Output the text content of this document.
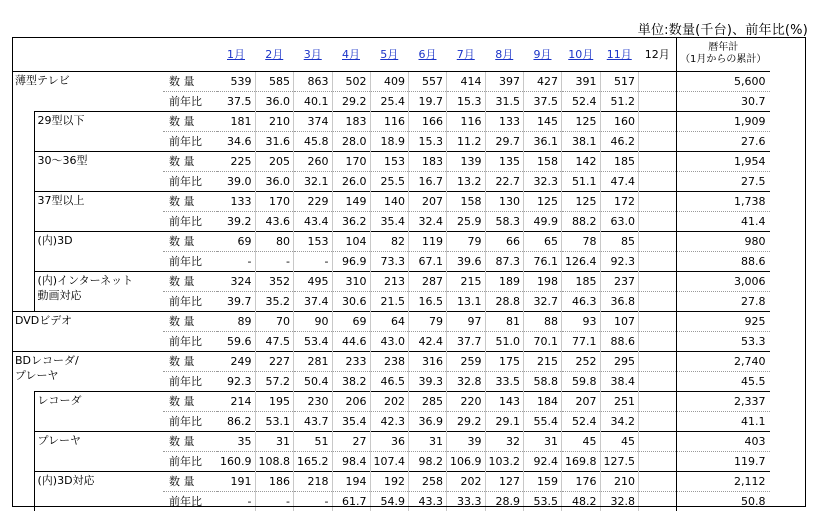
単位:数量(千台)、前年比(%)
			1月	2月	3月	4月	5月	6月	7月	8月	9月	10月	11月	12月	暦年計
（1月からの累計）

薄型テレビ		数 量	539	585	863	502	409	557	414	397	427	391	517		5,600
		前年比	37.5	36.0	40.1	29.2	25.4	19.7	15.3	31.5	37.5	52.4	51.2		30.7

	29型以下	数 量	181	210	374	183	116	166	116	133	145	125	160		1,909
		前年比	34.6	31.6	45.8	28.0	18.9	15.3	11.2	29.7	36.1	38.1	46.2		27.6

	30～36型	数 量	225	205	260	170	153	183	139	135	158	142	185		1,954
		前年比	39.0	36.0	32.1	26.0	25.5	16.7	13.2	22.7	32.3	51.1	47.4		27.5

	37型以上	数 量	133	170	229	149	140	207	158	130	125	125	172		1,738
		前年比	39.2	43.6	43.4	36.2	35.4	32.4	25.9	58.3	49.9	88.2	63.0		41.4

	(内)3D	数 量	69	80	153	104	82	119	79	66	65	78	85		980
		前年比	-	-	-	96.9	73.3	67.1	39.6	87.3	76.1	126.4	92.3		88.6

	(内)インターネット
動画対応	数 量	324	352	495	310	213	287	215	189	198	185	237		3,006
		前年比	39.7	35.2	37.4	30.6	21.5	16.5	13.1	28.8	32.7	46.3	36.8		27.8

DVDビデオ		数 量	89	70	90	69	64	79	97	81	88	93	107		925
		前年比	59.6	47.5	53.4	44.6	43.0	42.4	37.7	51.0	70.1	77.1	88.6		53.3

BDレコーダ/
プレーヤ		数 量	249	227	281	233	238	316	259	175	215	252	295		2,740
		前年比	92.3	57.2	50.4	38.2	46.5	39.3	32.8	33.5	58.8	59.8	38.4		45.5

	レコーダ	数 量	214	195	230	206	202	285	220	143	184	207	251		2,337
		前年比	86.2	53.1	43.7	35.4	42.3	36.9	29.2	29.1	55.4	52.4	34.2		41.1

	プレーヤ	数 量	35	31	51	27	36	31	39	32	31	45	45		403
		前年比	160.9	108.8	165.2	98.4	107.4	98.2	106.9	103.2	92.4	169.8	127.5		119.7

	(内)3D対応	数 量	191	186	218	194	192	258	202	127	159	176	210		2,112
		前年比	-	-	-	61.7	54.9	43.3	33.3	28.9	53.5	48.2	32.8		50.8
